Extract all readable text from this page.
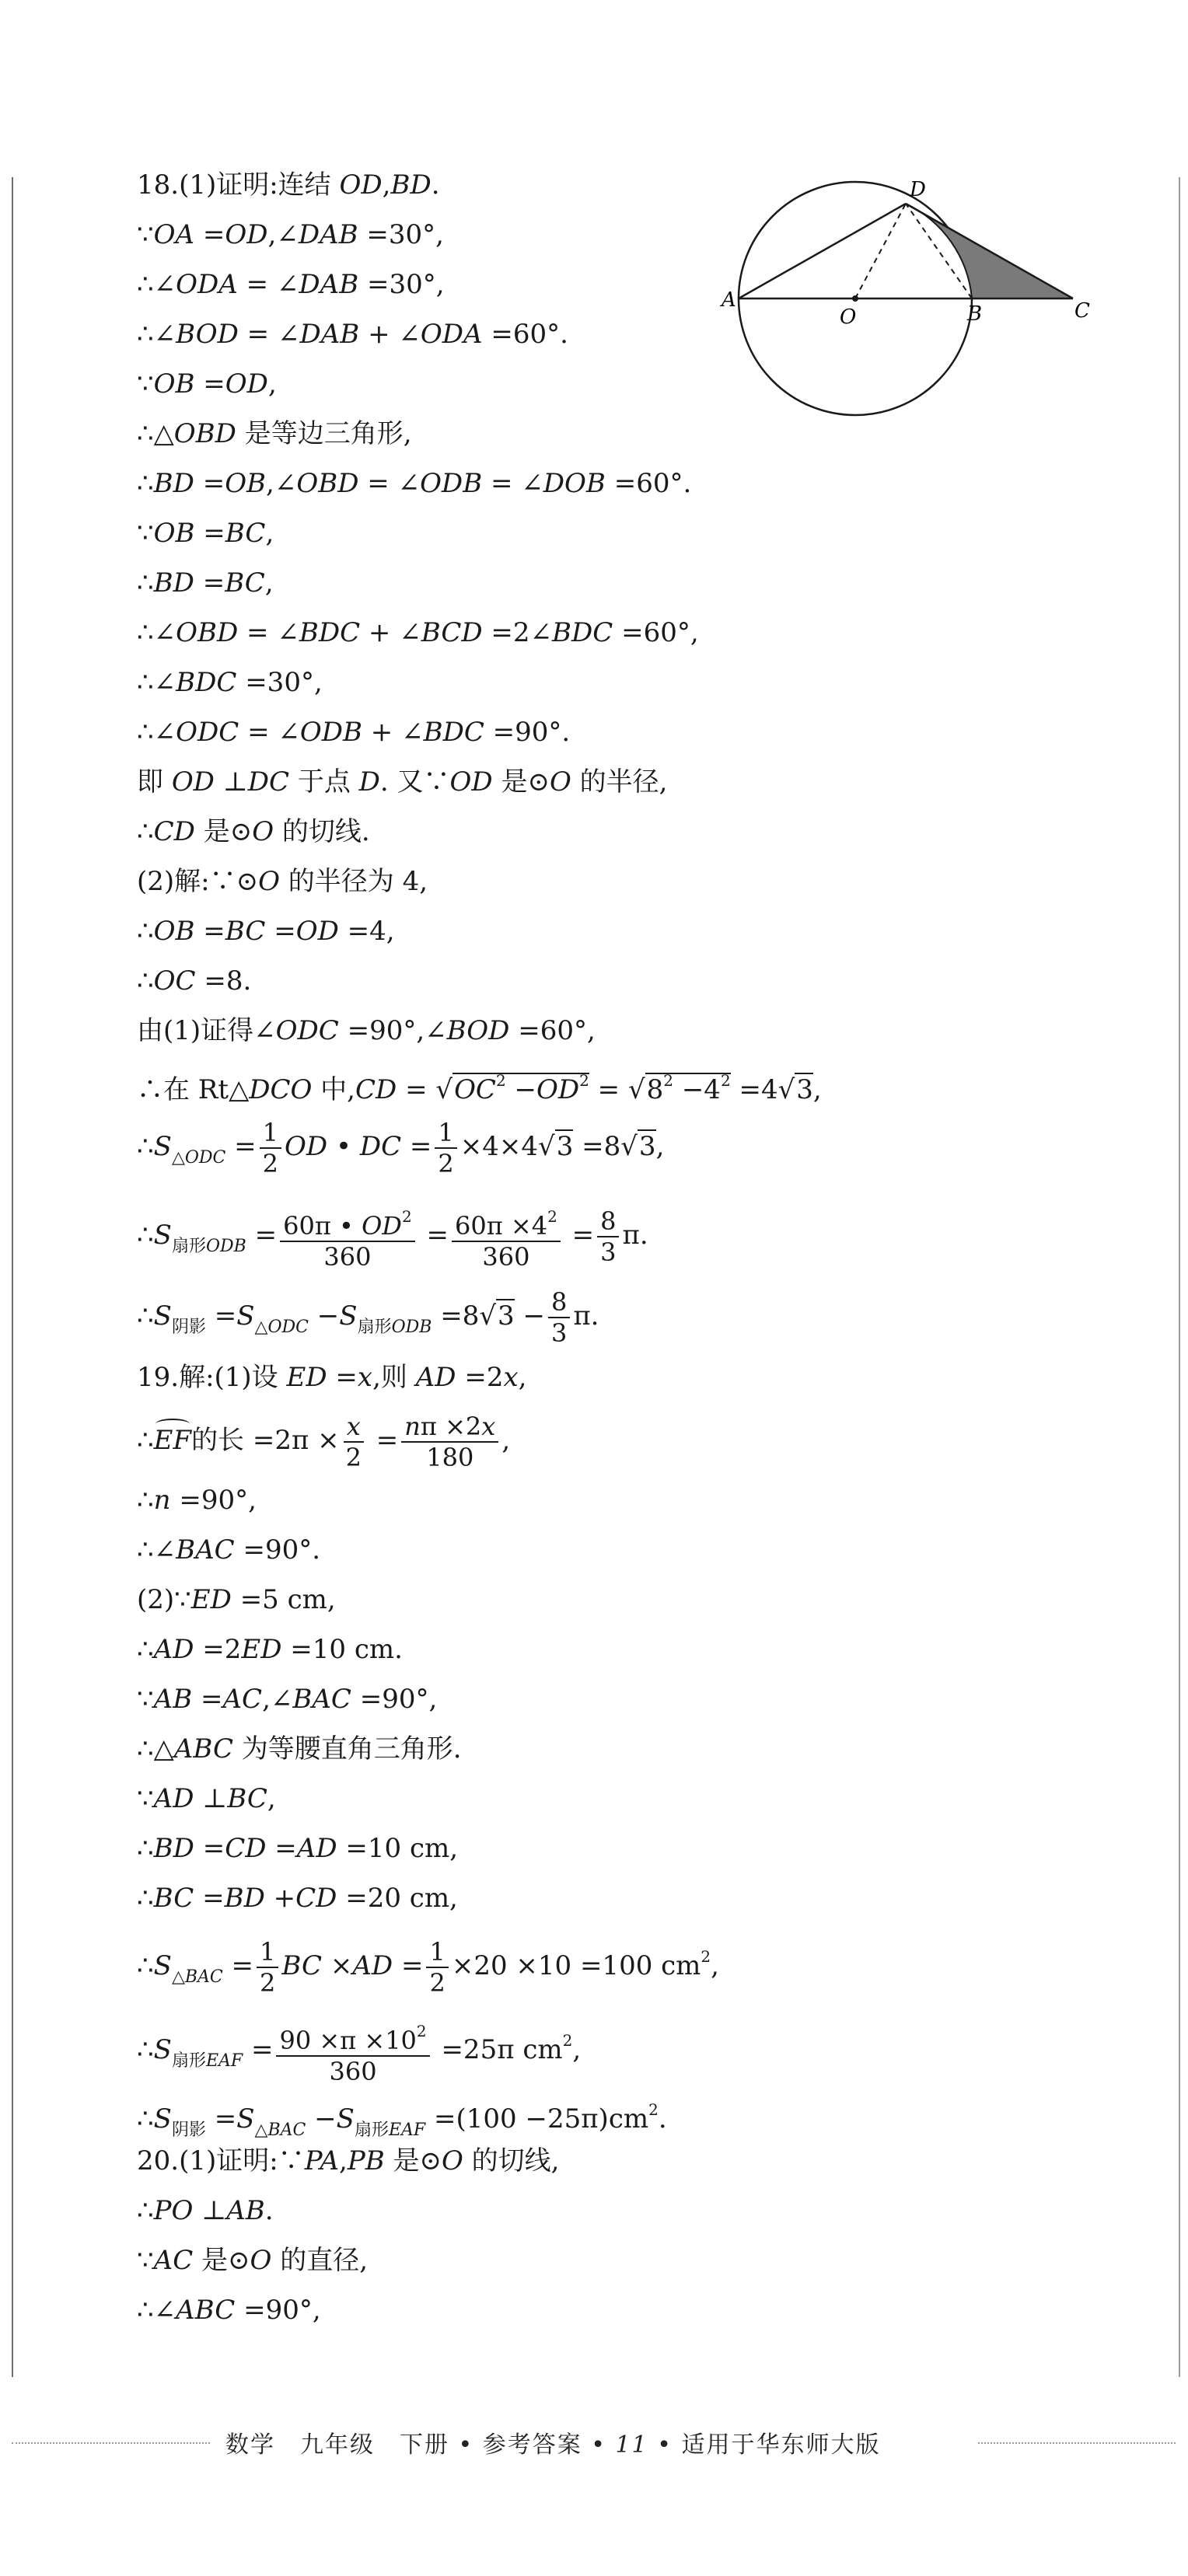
18.(1)证明:连结 OD,BD.
∵OA =OD,∠DAB =30°,
∴∠ODA = ∠DAB =30°,
∴∠BOD = ∠DAB + ∠ODA =60°.
∵OB =OD,
∴△OBD 是等边三角形,
∴BD =OB,∠OBD = ∠ODB = ∠DOB =60°.
∵OB =BC,
∴BD =BC,
∴∠OBD = ∠BDC + ∠BCD =2∠BDC =60°,
∴∠BDC =30°,
∴∠ODC = ∠ODB + ∠BDC =90°.
即 OD ⊥DC 于点 D. 又∵OD 是⊙O 的半径,
∴CD 是⊙O 的切线.
(2)解:∵⊙O 的半径为 4,
∴OB =BC =OD =4,
∴OC =8.
由(1)证得∠ODC =90°,∠BOD =60°,
∴在 Rt△DCO 中$,CD = √OC^2 -OD^2 = √8^2 -4^2 =4√3$,
$\therefore S_{\triangle ODC} = \frac{1}{2}$ OD • DC = $\frac{1}{2} \times 4\times 4√3 =8√3$,
$\therefore S_{扇形ODB} = \frac{60\pi • OD^2}{360} = \frac{60\pi \times 4^2}{360} = \frac{8}{3} \pi$.
$\therefore S_{阴影} =S_{\triangle ODC} -S_{扇形ODB} =8√3 - \frac{8}{3} \pi$.
19.解:(1)设 ED =x,则 AD =2x,
∴EF的长 $=2\pi \times \frac{x}{2} = \frac{n\pi \times 2x}{180}$ ,
∴n =90°,
∴∠BAC =90°.
(2)∵ED =5 cm,
∴AD =2ED =10 cm.
∵AB =AC,∠BAC =90°,
∴△ABC 为等腰直角三角形.
∵AD ⊥BC,
∴BD =CD =AD =10 cm,
∴BC =BD +CD =20 cm,
$\therefore S_{\triangle BAC} = \frac{1}{2}$ BC $\times AD = \frac{1}{2} \times 20 \times 10 =100$ $cm^2$,
$\therefore S_{扇形EAF} = \frac{90 \times\pi \times 10^2}{360} =25\pi$ $cm^2$,
$\therefore S_{阴影} =S_{\triangle BAC} -S_{扇形EAF} =(100 -25\pi)cm^2$.
20.(1)证明:∵PA,PB 是⊙O 的切线,
∴PO ⊥AB.
∵AC 是⊙O 的直径,
∴∠ABC =90°,
A
O	B	C
D
数学　九年级　下册 • 参考答案 • 11 • 适用于华东师大版
